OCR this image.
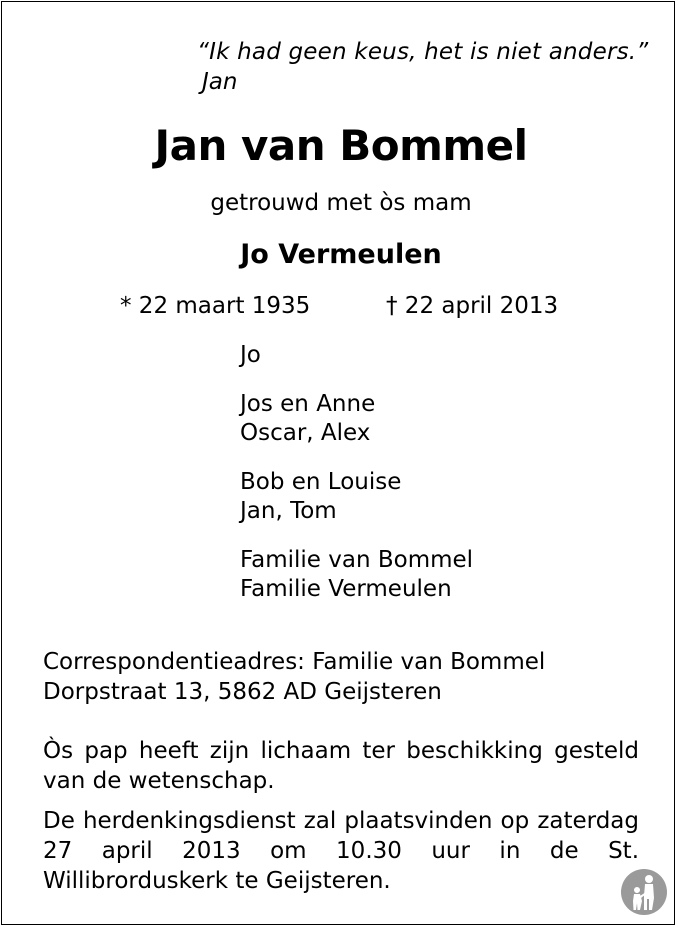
“Ik had geen keus, het is niet anders.”
Jan
Jan van Bommel
getrouwd met òs mam
Jo Vermeulen
* 22 maart 1935	† 22 april 2013
Jo
Jos en Anne
Oscar, Alex
Bob en Louise
Jan, Tom
Familie van Bommel
Familie Vermeulen
Correspondentieadres: Familie van Bommel
Dorpstraat 13, 5862 AD Geijsteren
Òs pap heeft zijn lichaam ter beschikking gesteld van de wetenschap.
De herdenkingsdienst zal plaatsvinden op zaterdag 27 april 2013 om 10.30 uur in de St. Willibrorduskerk te Geijsteren.
